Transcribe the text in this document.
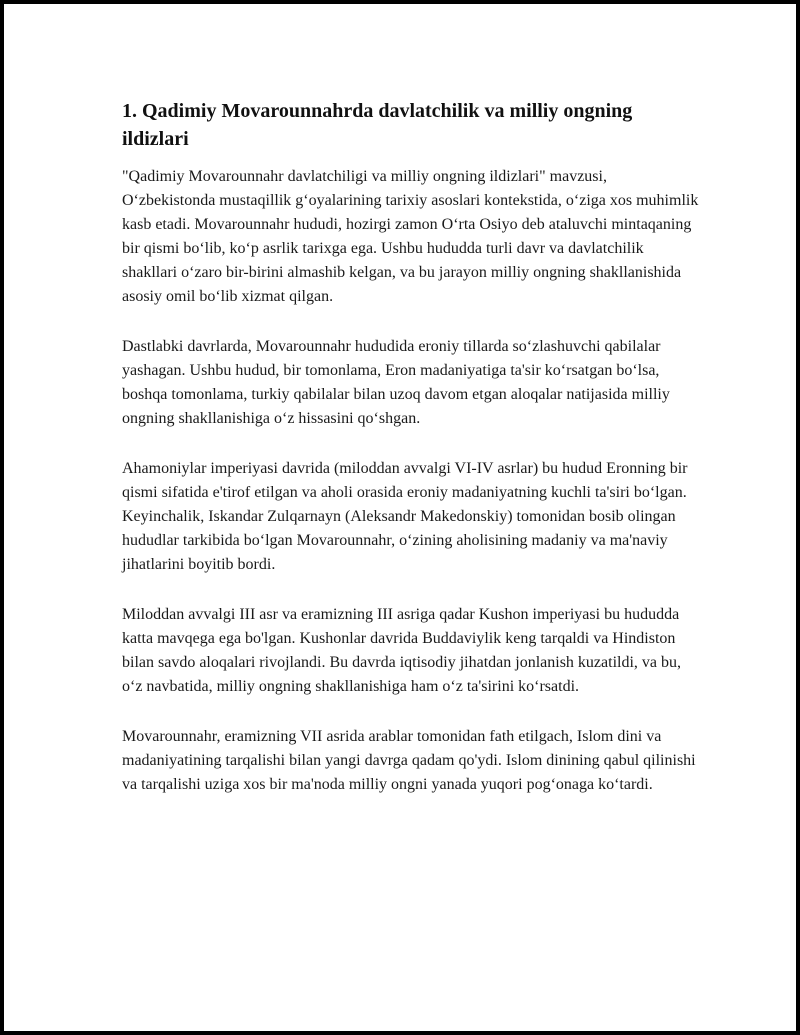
1. Qadimiy Movarounnahrda davlatchilik va milliy ongning ildizlari

"Qadimiy Movarounnahr davlatchiligi va milliy ongning ildizlari" mavzusi, O‘zbekistonda mustaqillik g‘oyalarining tarixiy asoslari kontekstida, o‘ziga xos muhimlik kasb etadi. Movarounnahr hududi, hozirgi zamon O‘rta Osiyo deb ataluvchi mintaqaning bir qismi bo‘lib, ko‘p asrlik tarixga ega. Ushbu hududda turli davr va davlatchilik shakllari o‘zaro bir-birini almashib kelgan, va bu jarayon milliy ongning shakllanishida asosiy omil bo‘lib xizmat qilgan.

Dastlabki davrlarda, Movarounnahr hududida eroniy tillarda so‘zlashuvchi qabilalar yashagan. Ushbu hudud, bir tomonlama, Eron madaniyatiga ta'sir ko‘rsatgan bo‘lsa, boshqa tomonlama, turkiy qabilalar bilan uzoq davom etgan aloqalar natijasida milliy ongning shakllanishiga o‘z hissasini qo‘shgan.

Ahamoniylar imperiyasi davrida (miloddan avvalgi VI-IV asrlar) bu hudud Eronning bir qismi sifatida e'tirof etilgan va aholi orasida eroniy madaniyatning kuchli ta'siri bo‘lgan. Keyinchalik, Iskandar Zulqarnayn (Aleksandr Makedonskiy) tomonidan bosib olingan hududlar tarkibida bo‘lgan Movarounnahr, o‘zining aholisining madaniy va ma'naviy jihatlarini boyitib bordi.

Miloddan avvalgi III asr va eramizning III asriga qadar Kushon imperiyasi bu hududda katta mavqega ega bo'lgan. Kushonlar davrida Buddaviylik keng tarqaldi va Hindiston bilan savdo aloqalari rivojlandi. Bu davrda iqtisodiy jihatdan jonlanish kuzatildi, va bu, o‘z navbatida, milliy ongning shakllanishiga ham o‘z ta'sirini ko‘rsatdi.

Movarounnahr, eramizning VII asrida arablar tomonidan fath etilgach, Islom dini va madaniyatining tarqalishi bilan yangi davrga qadam qo'ydi. Islom dinining qabul qilinishi va tarqalishi uziga xos bir ma'noda milliy ongni yanada yuqori pog‘onaga ko‘tardi.
